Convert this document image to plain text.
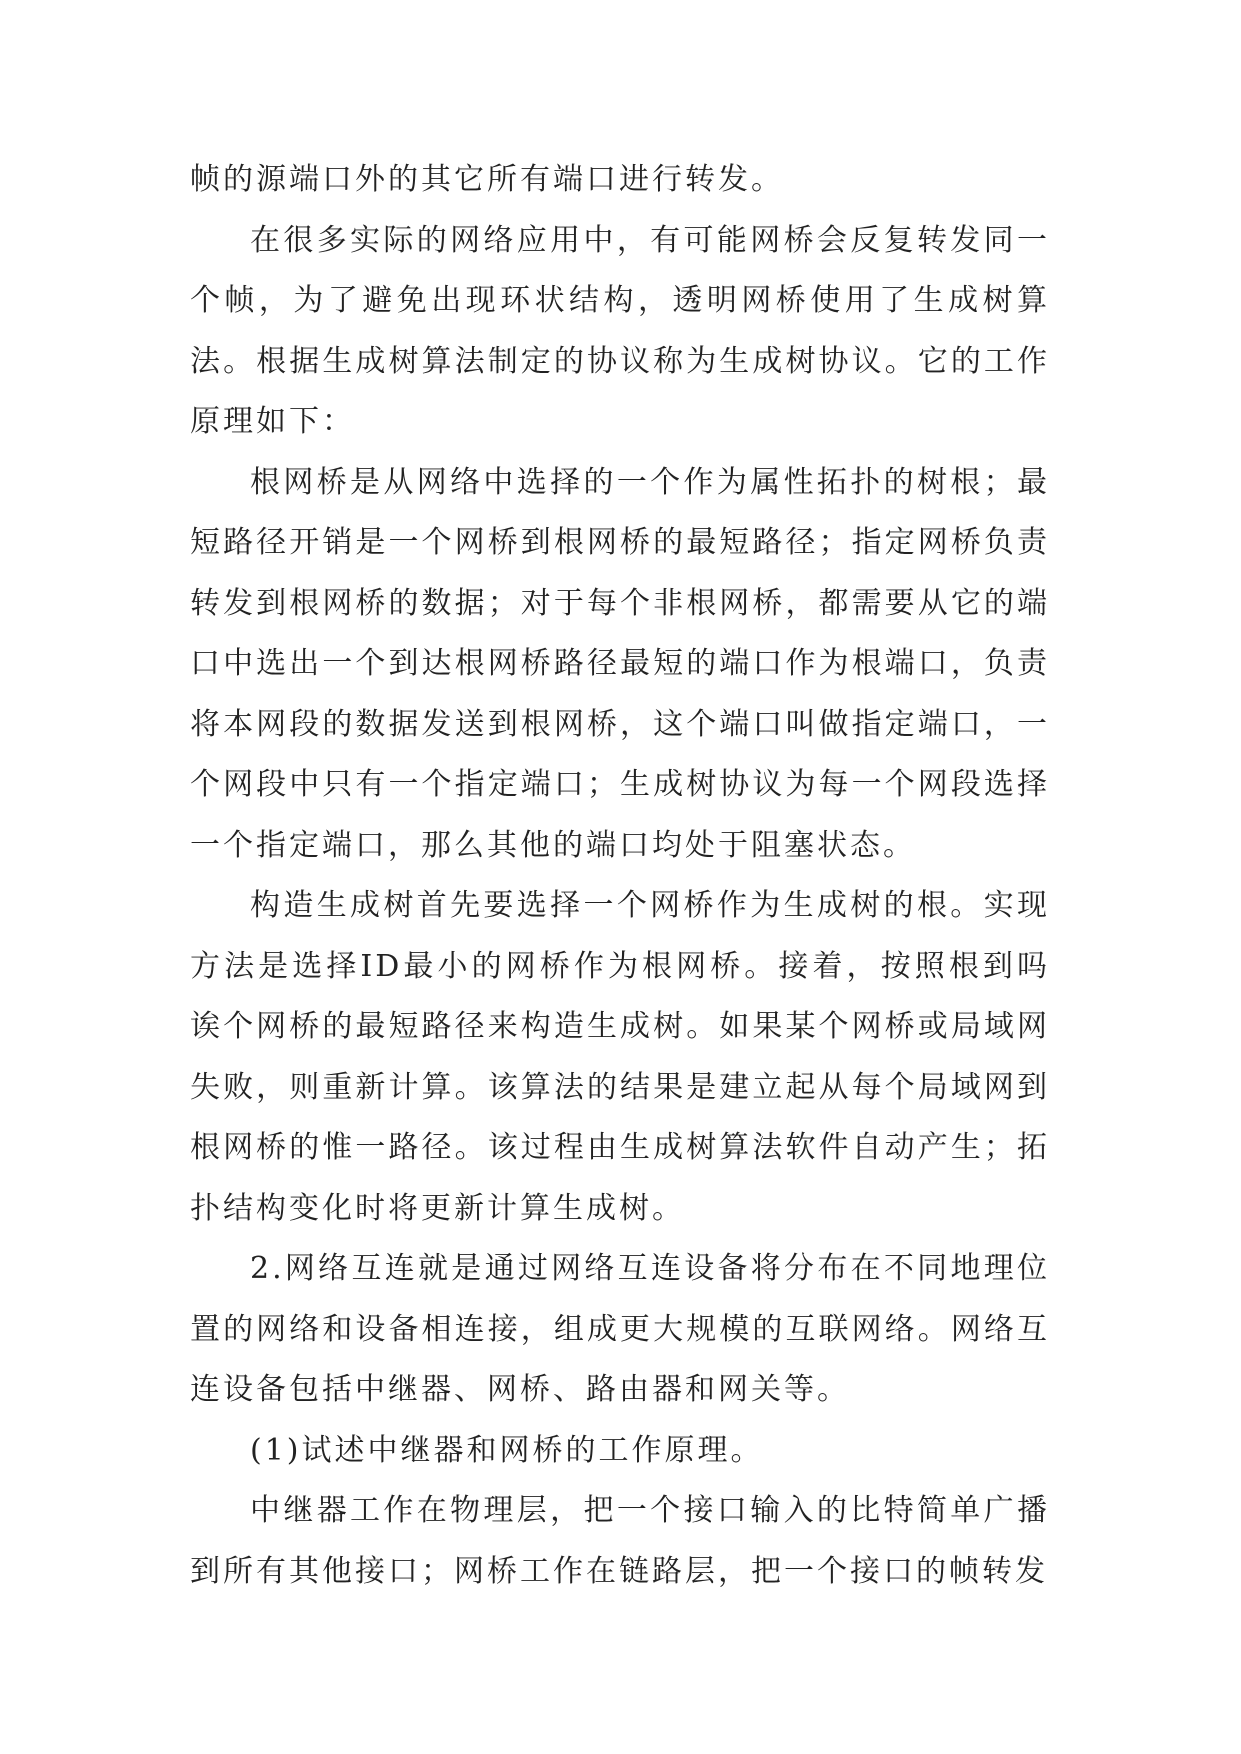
帧的源端口外的其它所有端口进行转发。

在很多实际的网络应用中，有可能网桥会反复转发同一个帧，为了避免出现环状结构，透明网桥使用了生成树算法。根据生成树算法制定的协议称为生成树协议。它的工作原理如下：

根网桥是从网络中选择的一个作为属性拓扑的树根；最短路径开销是一个网桥到根网桥的最短路径；指定网桥负责转发到根网桥的数据；对于每个非根网桥，都需要从它的端口中选出一个到达根网桥路径最短的端口作为根端口，负责将本网段的数据发送到根网桥，这个端口叫做指定端口，一个网段中只有一个指定端口；生成树协议为每一个网段选择一个指定端口，那么其他的端口均处于阻塞状态。

构造生成树首先要选择一个网桥作为生成树的根。实现方法是选择ID最小的网桥作为根网桥。接着，按照根到吗诶个网桥的最短路径来构造生成树。如果某个网桥或局域网失败，则重新计算。该算法的结果是建立起从每个局域网到根网桥的惟一路径。该过程由生成树算法软件自动产生；拓扑结构变化时将更新计算生成树。

2.网络互连就是通过网络互连设备将分布在不同地理位置的网络和设备相连接，组成更大规模的互联网络。网络互连设备包括中继器、网桥、路由器和网关等。

(1)试述中继器和网桥的工作原理。

中继器工作在物理层，把一个接口输入的比特简单广播到所有其他接口；网桥工作在链路层，把一个接口的帧转发
